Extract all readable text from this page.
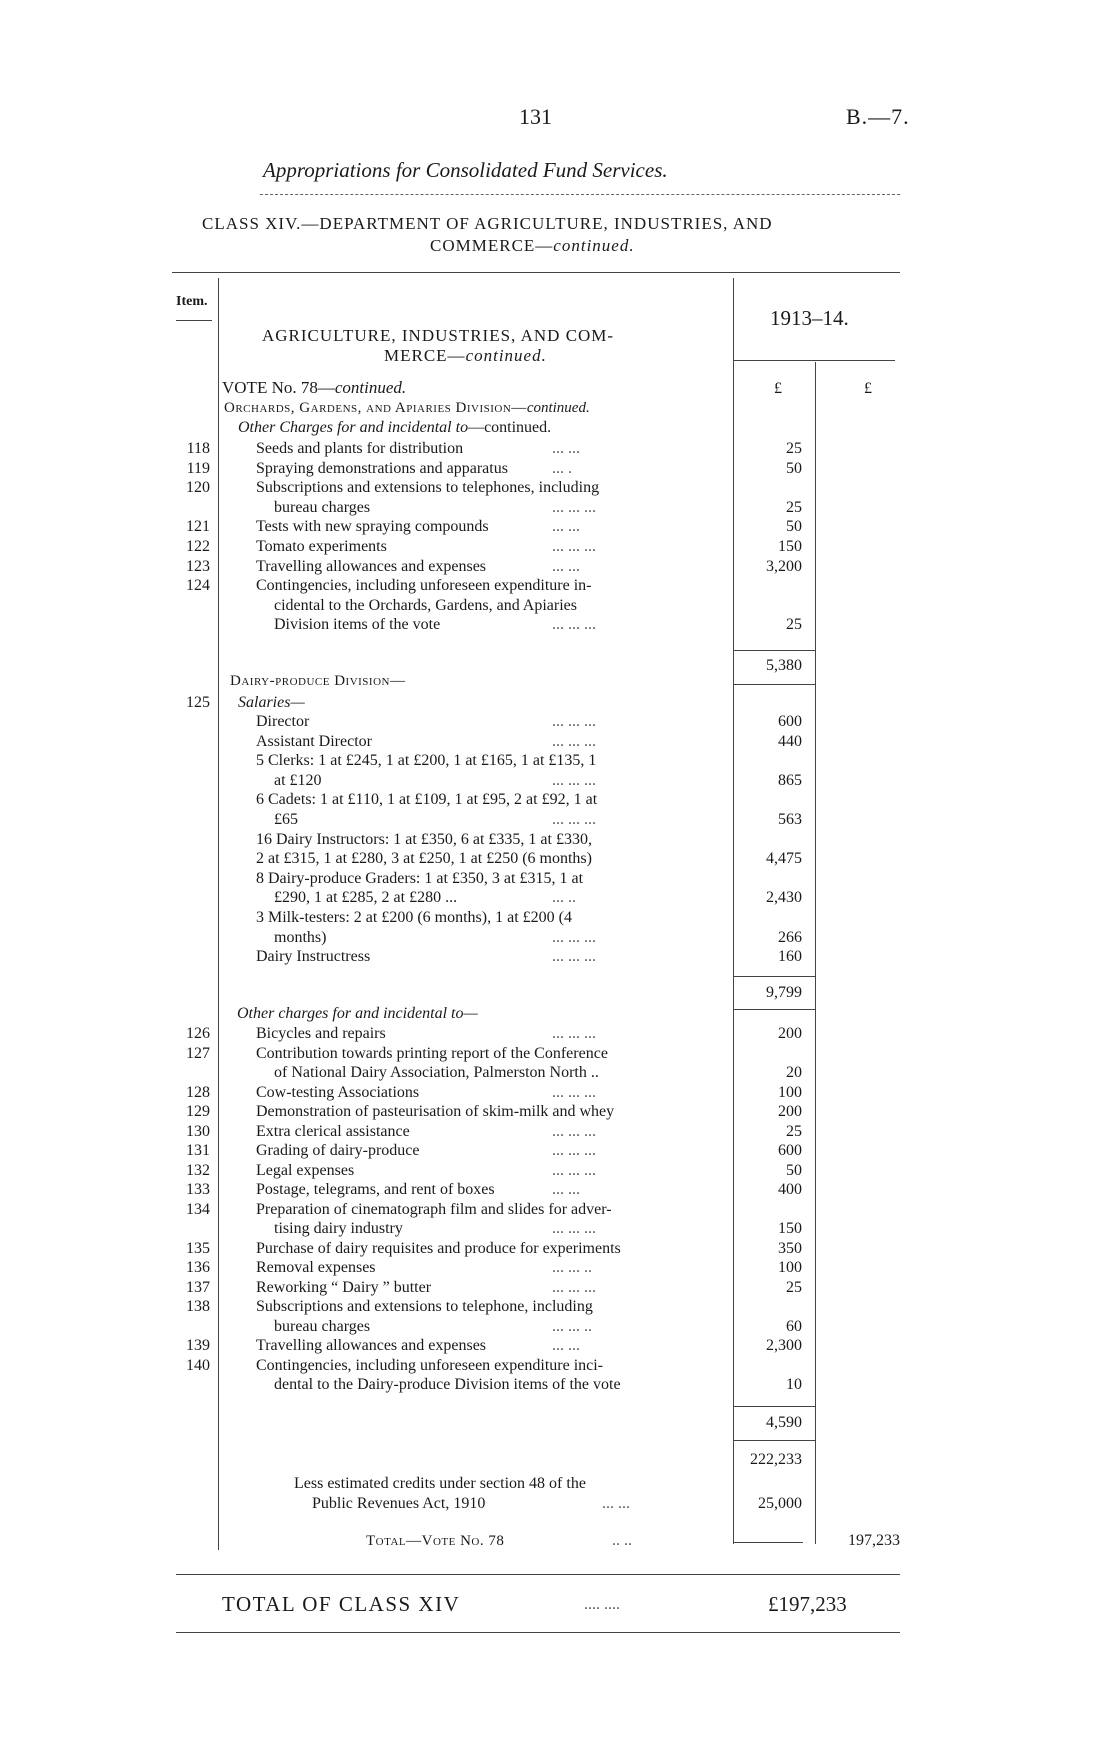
131	B.—7.
Appropriations for Consolidated Fund Services.
CLASS XIV.—DEPARTMENT OF AGRICULTURE, INDUSTRIES, AND
COMMERCE—continued.
Item.
1913–14.
AGRICULTURE, INDUSTRIES, AND COM-
MERCE—continued.
£	£
VOTE No. 78—continued.
Orchards, Gardens, and Apiaries Division—continued.
Other Charges for and incidental to—continued.
118	Seeds and plants for distribution	... ...	25
119	Spraying demonstrations and apparatus	... .	50
120	Subscriptions and extensions to telephones, including
bureau charges	... ... ...	25
121	Tests with new spraying compounds	... ...	50
122	Tomato experiments	... ... ...	150
123	Travelling allowances and expenses	... ...	3,200
124	Contingencies, including unforeseen expenditure in-
cidental to the Orchards, Gardens, and Apiaries
Division items of the vote	... ... ...	25
5,380
Dairy-produce Division—
125 Salaries—
Director	... ... ...	600
Assistant Director	... ... ...	440
5 Clerks: 1 at £245, 1 at £200, 1 at £165, 1 at £135, 1
at £120	... ... ...	865
6 Cadets: 1 at £110, 1 at £109, 1 at £95, 2 at £92, 1 at
£65	... ... ...	563
16 Dairy Instructors: 1 at £350, 6 at £335, 1 at £330,
2 at £315, 1 at £280, 3 at £250, 1 at £250 (6 months)	4,475
8 Dairy-produce Graders: 1 at £350, 3 at £315, 1 at
£290, 1 at £285, 2 at £280 ...	... ..	2,430
3 Milk-testers: 2 at £200 (6 months), 1 at £200 (4
months)	... ... ...	266
Dairy Instructress	... ... ...	160
9,799
Other charges for and incidental to—
126	Bicycles and repairs	... ... ...	200
127	Contribution towards printing report of the Conference
of National Dairy Association, Palmerston North ..	20
128	Cow-testing Associations	... ... ...	100
129	Demonstration of pasteurisation of skim-milk and whey	200
130	Extra clerical assistance	... ... ...	25
131	Grading of dairy-produce	... ... ...	600
132	Legal expenses	... ... ...	50
133	Postage, telegrams, and rent of boxes	... ...	400
134	Preparation of cinematograph film and slides for adver-
tising dairy industry	... ... ...	150
135	Purchase of dairy requisites and produce for experiments	350
136	Removal expenses	... ... ..	100
137	Reworking “ Dairy ” butter	... ... ...	25
138	Subscriptions and extensions to telephone, including
bureau charges	... ... ..	60
139	Travelling allowances and expenses	... ...	2,300
140	Contingencies, including unforeseen expenditure inci-
dental to the Dairy-produce Division items of the vote	10
4,590
222,233
Less estimated credits under section 48 of the
Public Revenues Act, 1910	... ...	25,000
Total—Vote No. 78	.. ..	197,233
TOTAL OF CLASS XIV	.... ....	£197,233
